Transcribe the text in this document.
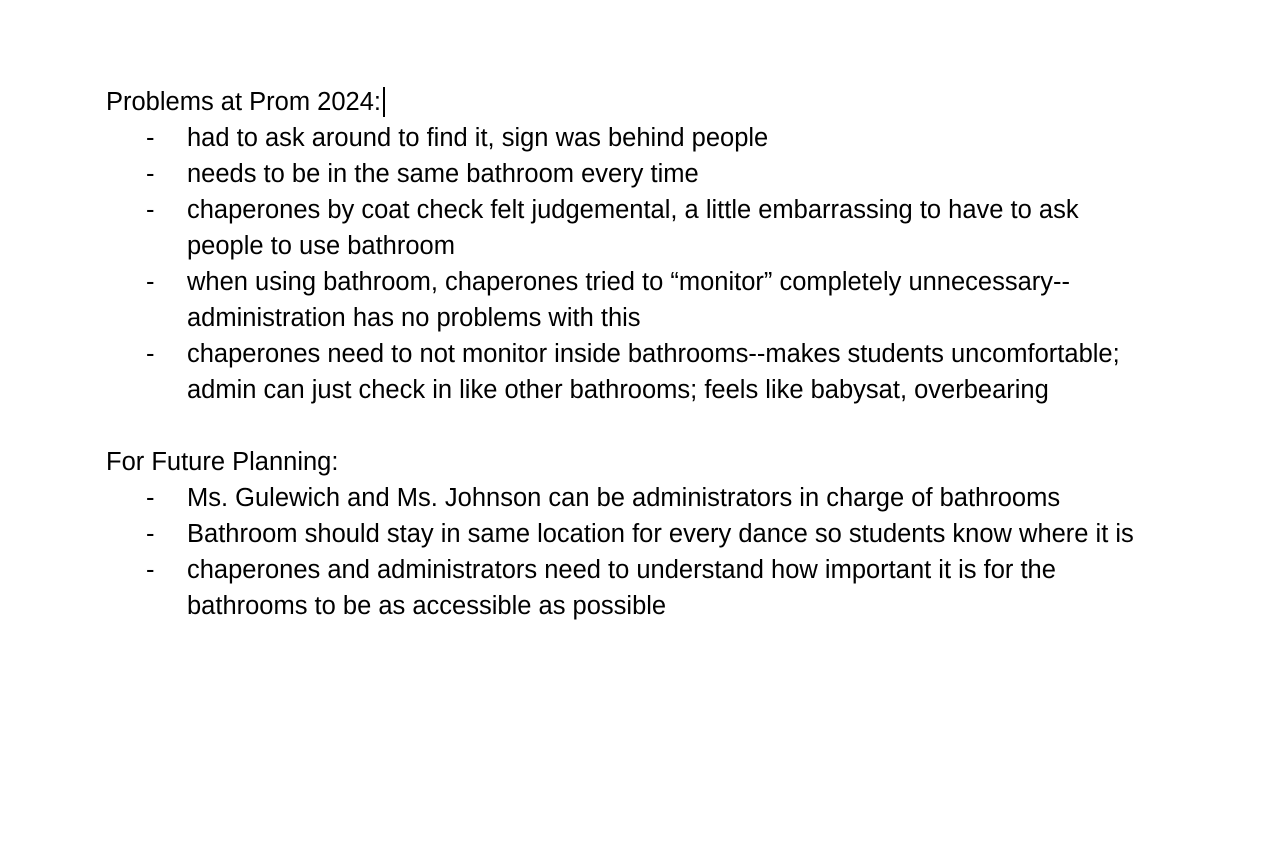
Problems at Prom 2024:
-	had to ask around to find it, sign was behind people
-	needs to be in the same bathroom every time
-	chaperones by coat check felt judgemental, a little embarrassing to have to ask people to use bathroom
-	when using bathroom, chaperones tried to “monitor” completely unnecessary--administration has no problems with this
-	chaperones need to not monitor inside bathrooms--makes students uncomfortable; admin can just check in like other bathrooms; feels like babysat, overbearing
For Future Planning:
-	Ms. Gulewich and Ms. Johnson can be administrators in charge of bathrooms
-	Bathroom should stay in same location for every dance so students know where it is
-	chaperones and administrators need to understand how important it is for the bathrooms to be as accessible as possible
